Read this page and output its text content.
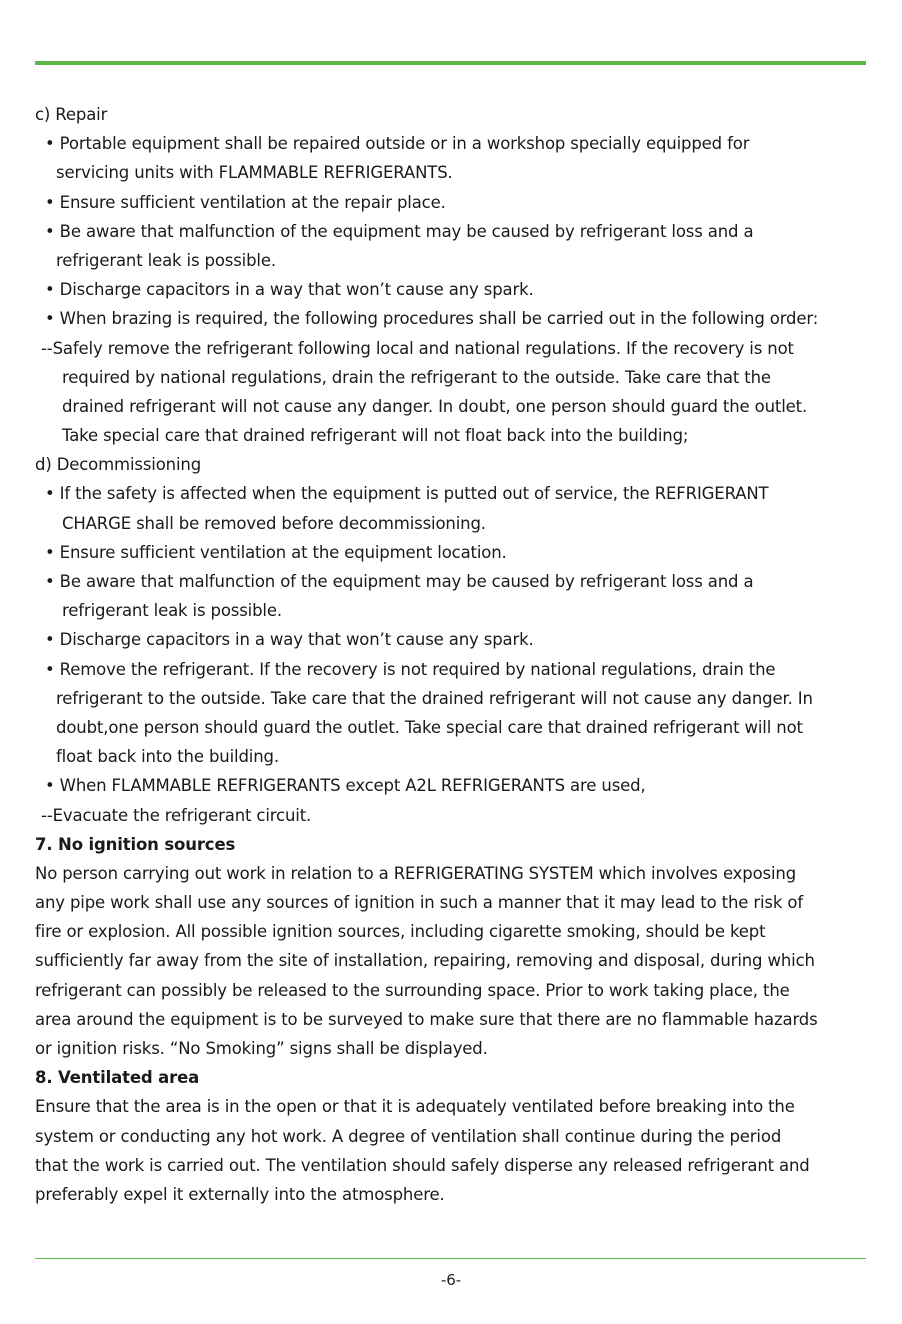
c) Repair
• Portable equipment shall be repaired outside or in a workshop specially equipped for
servicing units with FLAMMABLE REFRIGERANTS.
• Ensure sufficient ventilation at the repair place.
• Be aware that malfunction of the equipment may be caused by refrigerant loss and a
refrigerant leak is possible.
• Discharge capacitors in a way that won’t cause any spark.
• When brazing is required, the following procedures shall be carried out in the following order:
--Safely remove the refrigerant following local and national regulations. If the recovery is not
required by national regulations, drain the refrigerant to the outside. Take care that the
drained refrigerant will not cause any danger. In doubt, one person should guard the outlet.
Take special care that drained refrigerant will not float back into the building;
d) Decommissioning
• If the safety is affected when the equipment is putted out of service, the REFRIGERANT
CHARGE shall be removed before decommissioning.
• Ensure sufficient ventilation at the equipment location.
• Be aware that malfunction of the equipment may be caused by refrigerant loss and a
refrigerant leak is possible.
• Discharge capacitors in a way that won’t cause any spark.
• Remove the refrigerant. If the recovery is not required by national regulations, drain the
refrigerant to the outside. Take care that the drained refrigerant will not cause any danger. In
doubt,one person should guard the outlet. Take special care that drained refrigerant will not
float back into the building.
• When FLAMMABLE REFRIGERANTS except A2L REFRIGERANTS are used,
--Evacuate the refrigerant circuit.
7. No ignition sources
No person carrying out work in relation to a REFRIGERATING SYSTEM which involves exposing
any pipe work shall use any sources of ignition in such a manner that it may lead to the risk of
fire or explosion. All possible ignition sources, including cigarette smoking, should be kept
sufficiently far away from the site of installation, repairing, removing and disposal, during which
refrigerant can possibly be released to the surrounding space. Prior to work taking place, the
area around the equipment is to be surveyed to make sure that there are no flammable hazards
or ignition risks. “No Smoking” signs shall be displayed.
8. Ventilated area
Ensure that the area is in the open or that it is adequately ventilated before breaking into the
system or conducting any hot work. A degree of ventilation shall continue during the period
that the work is carried out. The ventilation should safely disperse any released refrigerant and
preferably expel it externally into the atmosphere.
-6-
